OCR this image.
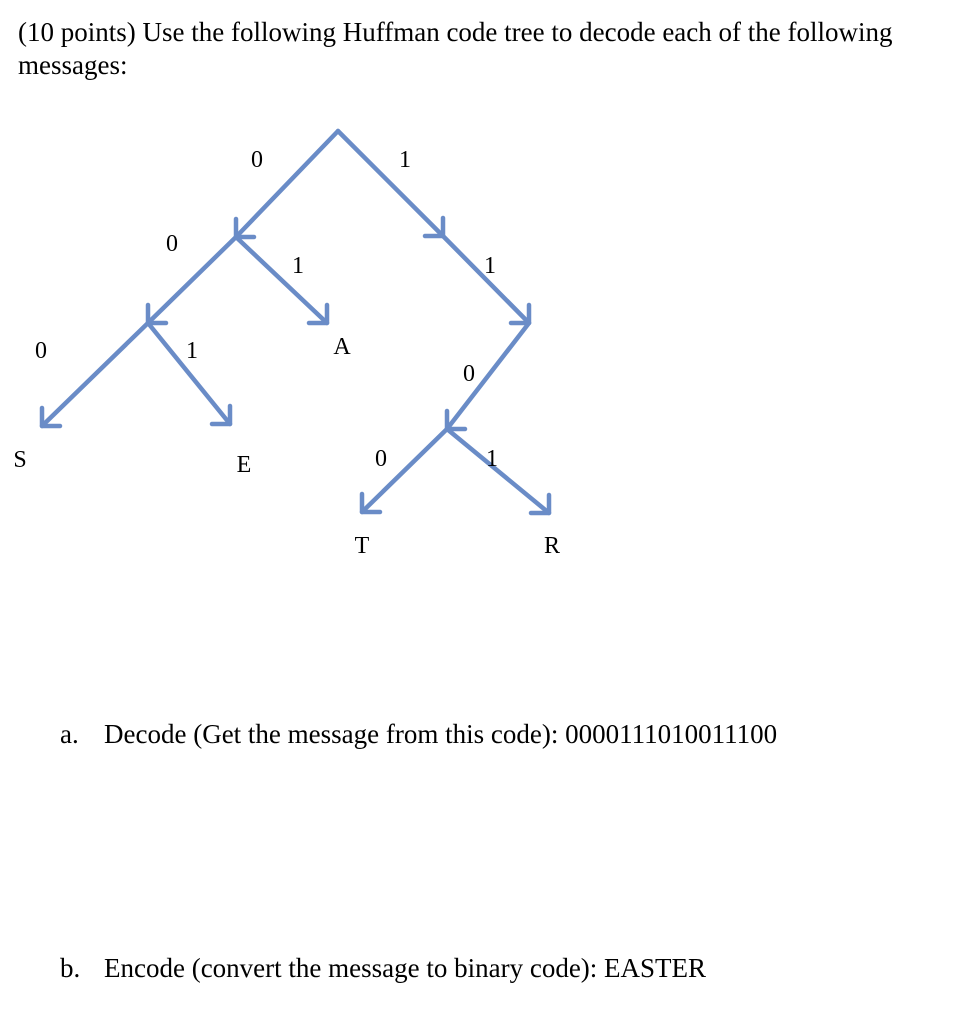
(10 points) Use the following Huffman code tree to decode each of the following messages:
0	1
0
1
0	1
1
0
0	1
S	E
A
T	R
a. Decode (Get the message from this code): 0000111010011100
b. Encode (convert the message to binary code): EASTER
